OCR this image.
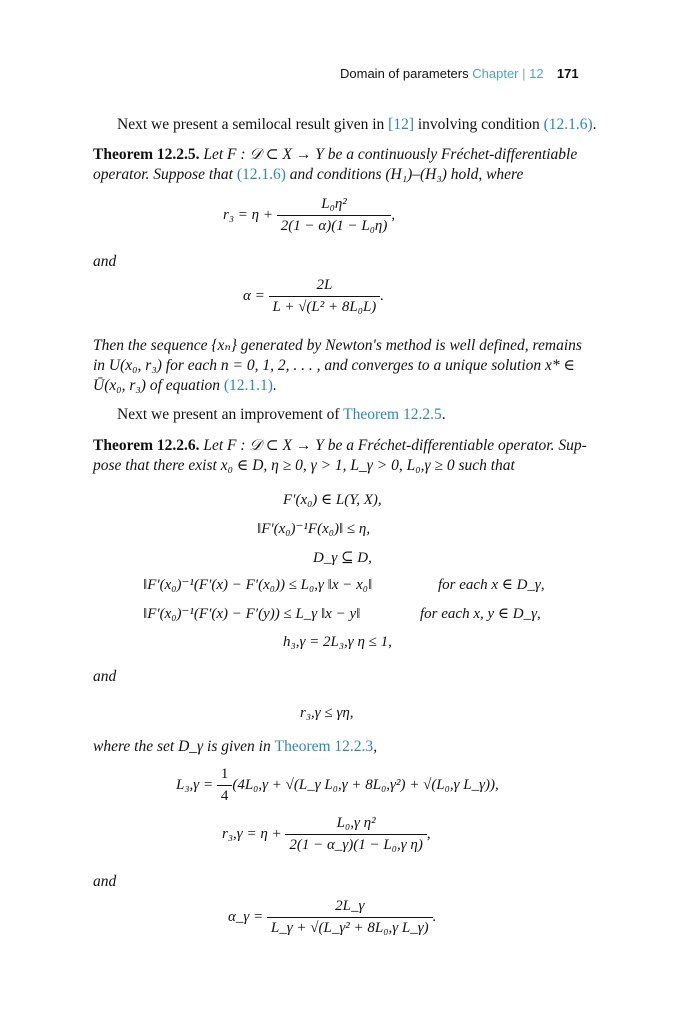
Domain of parameters Chapter | 12 171
Next we present a semilocal result given in [12] involving condition (12.1.6).
Theorem 12.2.5. Let F : 𝒟 ⊂ X → Y be a continuously Fréchet-differentiable
operator. Suppose that (12.1.6) and conditions (H₁)–(H₃) hold, where
$r_3 = \eta + \frac{\text{L₀η²}}{\text{2(1 − α)(1 − L₀η)}}$ ,
and
$\alpha = \frac{2L}{\text{L + √(L² + 8L₀L)}}$ .
Then the sequence {xₙ} generated by Newton's method is well defined, remains
in U(x₀, r₃) for each n = 0, 1, 2, . . . , and converges to a unique solution x* ∈
Ū(x₀, r₃) of equation (12.1.1).
Next we present an improvement of Theorem 12.2.5.
Theorem 12.2.6. Let F : 𝒟 ⊂ X → Y be a Fréchet-differentiable operator. Sup-
pose that there exist x₀ ∈ D, η ≥ 0, γ > 1, L_γ > 0, L₀,γ ≥ 0 such that
F′(x₀) ∈ L(Y, X),
‖F′(x₀)⁻¹F(x₀)‖ ≤ η,
D_γ ⊆ D,
‖F′(x₀)⁻¹(F′(x) − F′(x₀)) ≤ L₀,γ ‖x − x₀‖	for each x ∈ D_γ,
‖F′(x₀)⁻¹(F′(x) − F′(y)) ≤ L_γ ‖x − y‖	for each x, y ∈ D_γ,
h₃,γ = 2L₃,γ η ≤ 1,
and
r₃,γ ≤ γη,
where the set D_γ is given in Theorem 12.2.3,
$L_3,\gamma = \frac{1}{4} (4L_0,\gamma$ + √(L_γ L₀,γ + 8L₀,γ²) + √(L₀,γ L_γ)),
$r_3,\gamma = \eta + \frac{\text{L₀,γ η²}}{\text{2(1 − α\_γ)(1 − L₀,γ η)}}$ ,
and
α_γ = $\frac{2L\_\gamma}{\text{L\_γ + √(L\_γ² + 8L₀,γ L\_γ)}}$ .
